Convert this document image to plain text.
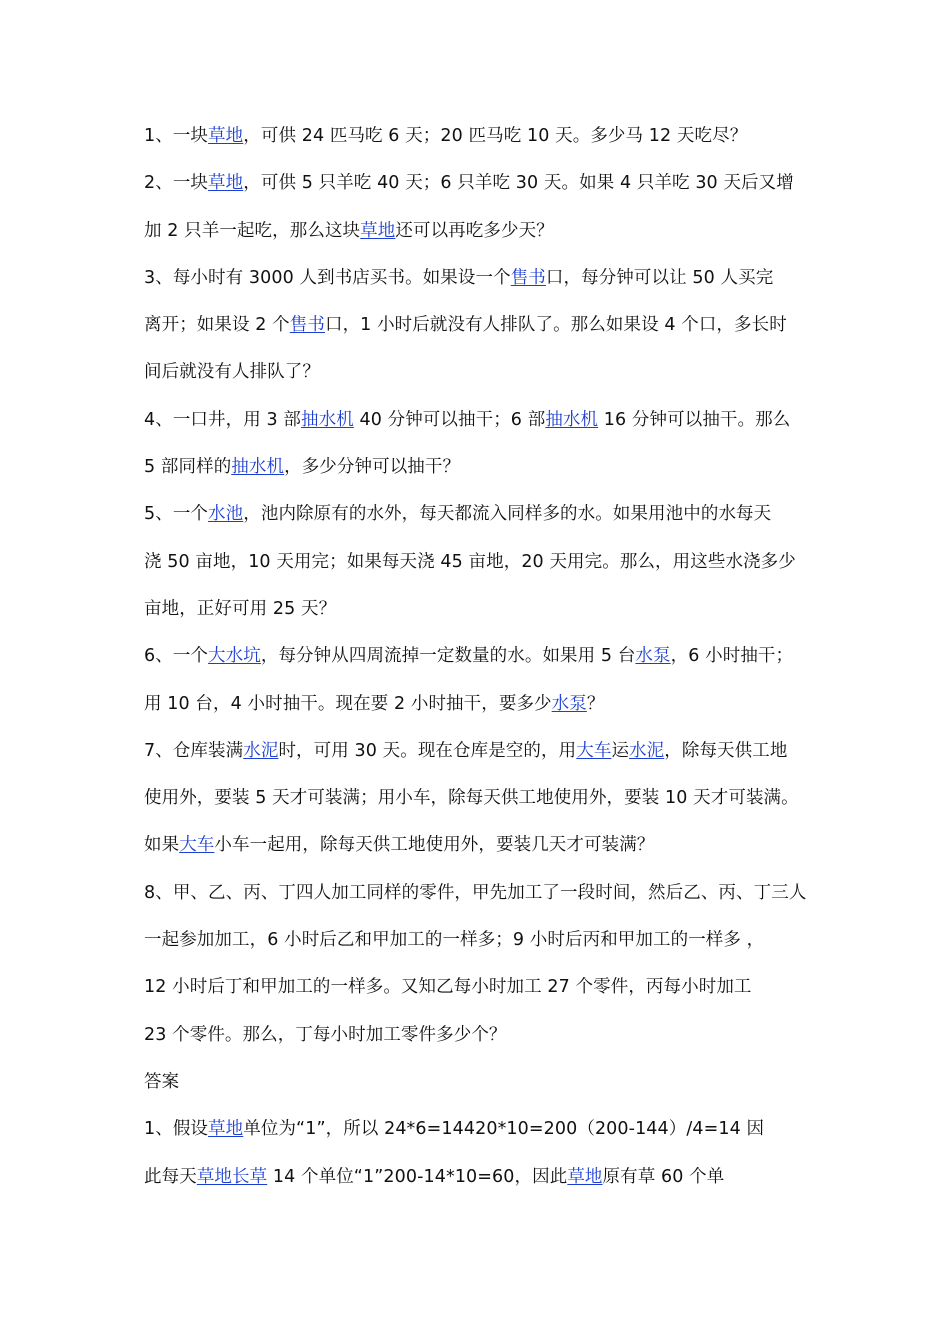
1、一块草地，可供 24 匹马吃 6 天；20 匹马吃 10 天。多少马 12 天吃尽？
2、一块草地，可供 5 只羊吃 40 天；6 只羊吃 30 天。如果 4 只羊吃 30 天后又增
加 2 只羊一起吃，那么这块草地还可以再吃多少天？
3、每小时有 3000 人到书店买书。如果设一个售书口，每分钟可以让 50 人买完
离开；如果设 2 个售书口，1 小时后就没有人排队了。那么如果设 4 个口，多长时
间后就没有人排队了？
4、一口井，用 3 部抽水机 40 分钟可以抽干；6 部抽水机 16 分钟可以抽干。那么
5 部同样的抽水机，多少分钟可以抽干？
5、一个水池，池内除原有的水外，每天都流入同样多的水。如果用池中的水每天
浇 50 亩地，10 天用完；如果每天浇 45 亩地，20 天用完。那么，用这些水浇多少
亩地，正好可用 25 天？
6、一个大水坑，每分钟从四周流掉一定数量的水。如果用 5 台水泵，6 小时抽干；
用 10 台，4 小时抽干。现在要 2 小时抽干，要多少水泵？
7、仓库装满水泥时，可用 30 天。现在仓库是空的，用大车运水泥，除每天供工地
使用外，要装 5 天才可装满；用小车，除每天供工地使用外，要装 10 天才可装满。
如果大车小车一起用，除每天供工地使用外，要装几天才可装满？
8、甲、乙、丙、丁四人加工同样的零件，甲先加工了一段时间，然后乙、丙、丁三人
一起参加加工，6 小时后乙和甲加工的一样多；9 小时后丙和甲加工的一样多 ，
12 小时后丁和甲加工的一样多。又知乙每小时加工 27 个零件，丙每小时加工
23 个零件。那么，丁每小时加工零件多少个？
答案
1、假设草地单位为“1”，所以 24*6=14420*10=200（200-144）/4=14 因
此每天草地长草 14 个单位“1”200-14*10=60，因此草地原有草 60 个单
